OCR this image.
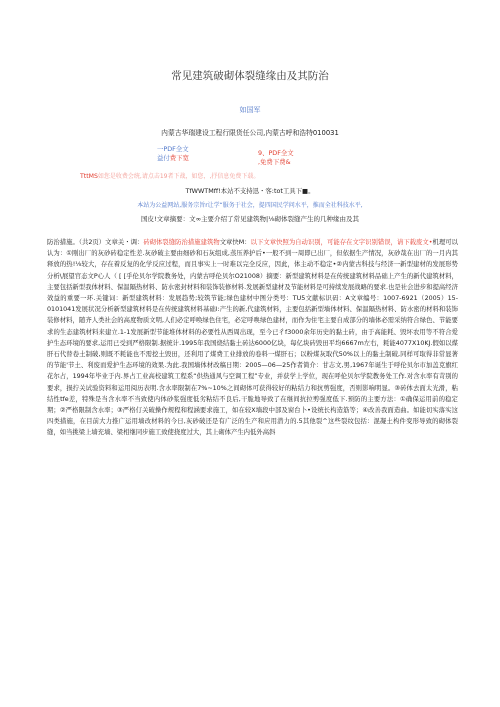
常见建筑破砌体裂缝缘由及其防治
如国军
内蒙古华瑞建设工程行限货任公司,内蒙古呼和浩特010031
一PDF全文
益付费下宽
9、PDF全文
,免费下费&
TttMS如您是收费会统,请点击19者下战，如您，,抒信息免费下载。
TfWWTMff!本站不支持迅・客:tot工具下■。
本站为公益网站,服务宗旨r让学“服务于社会，提四国民学问水平，推而全社科技水平,
国皮!文章摘要：文∞主要介绍了常见建筑物|⅛砌体裂缝产生的几种缘由及其
防治措施。（共2页）文章关・调：砖砌体裂缝防治措施建筑物文章快M：以下文章快照为自动识别，可能存在文字识别错误，请下载废文•机理可以认为：①刚出厂的灰砂砖稳定性差.灰砂破主要由细砂和石灰组成,蒸压养护后•一般不到一周即已出厂，但依据生产情况，灰砂哉在出厂的一月内其释放的热!⅛较大，存在着反复的化学反应过程，而且事实上一时难以完全反应，因此，体主动不稳定•②内蒙古科技与经济一新型建材的发展形势分析\展望官态文P心人（ [ [乎伦贝尔学院教务处，内蒙古呼伦贝尔O21008）摘要：新型建筑材料是在传统建筑材料品础上产生的新代建筑材料，主要包括新型我体材料、保温隔热材料、防水密封材料和装饰装修材料.发展新型建材及节能材料是可持续发展战略的要求.也是社会进步和提高经济效益的重要一环.关键词：新型建筑材料：发展趋势;较筑节能;绿色建材中图分类号：TU5文献标识码：A文章编号：1007-6921（2005）15-0101041发展状况分析新型建筑材料是在传统建筑材料基础l:产生的新,代建筑材料，主要包括新型墙体材料、保温隔热材料、防水密的材料和装饰装修材料，随齐人类社会的高度物质文明,人们必定呼唤绿色住宅，必定呼唤绿色建材，而作为住宅主要自成部分的墙体必需采纳符合绿色、节能要求的生态建筑材料来建立.1-1发展新型节能堆体材料的必要性从西周出现，至今已彳f3000余年历史的黏土砖，由于高能耗、毁坏农用等不符合爱护生态环境的要求,运用已受到严格限制.据统计.1995年我国烧结黏土砖达6000亿块，每亿块砖毁田平均6667m左右，耗能4077X10KJ.假如以煤肝石代替卷土制破,则既不耗能也不需挖土毁田，还利用了煤费工业排放的卷料一煤肝石；以粉煤灰取代50%以上的黏土制破,同样可取得非常显著的节能'节土、利废而爱护生态环境的效果.为此.我国墙体材改稿日期：2005—06—25作者简介：甘志文,男,1967年诞生于呼伦贝尔市加盖克旗红花尔占，1994年毕业于内.界占工业高校建筑工程系“供热通风与空调工程”专业，并获学上学位，现在呼伦贝尔学院教务处工作.对含水率有苛别的要求，损拧关试验资料和运用阅历表明.含水率限制在7%~10%之间砌体可获得较好的粘结力和抗剪强度，否则影响明显。③砖体去面太光滑，粘结性tfe差，特殊是当含水率不当致使内体砂浆强度低劣粘结不良后,干脆地导致了在继间抗拉剪强度低下.预防的主要方法：①确保运用前的稳定期；②严格限制含水率；③严格仃关破操作规程和程涵要求施工，如在较X墙段中部及窗台卜•设统长构造筋等；④改善我面造曲。如能切实落实这四类措施，在目前大力推广运用墙改材料的今日,灰砂破还是有广泛的生产和应用潜力的.5其他裂^这些裂纹包括：混凝土构件变形导致的砌体裂缝，如当挑梁上墙充墙、梁相继同步施工致使挠度过大，其上砌体产生内低外高斜
